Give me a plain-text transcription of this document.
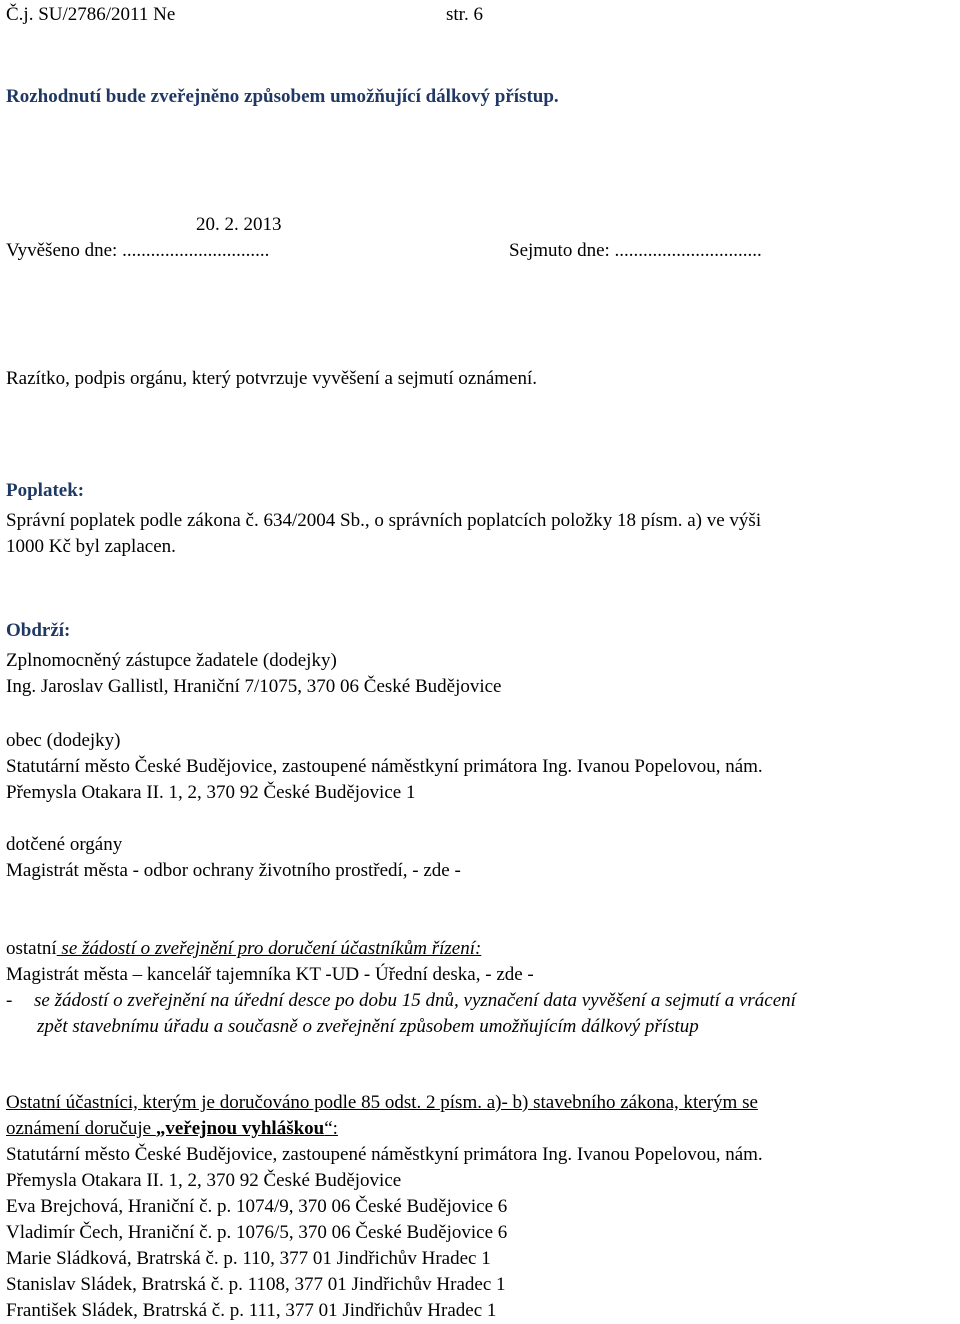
Č.j. SU/2786/2011 Ne	str. 6
Rozhodnutí bude zveřejněno způsobem umožňující dálkový přístup.
20. 2. 2013
Vyvěšeno dne: ...............................	Sejmuto dne: ...............................
Razítko, podpis orgánu, který potvrzuje vyvěšení a sejmutí oznámení.
Poplatek:
Správní poplatek podle zákona č. 634/2004 Sb., o správních poplatcích položky 18 písm. a) ve výši
1000 Kč byl zaplacen.
Obdrží:
Zplnomocněný zástupce žadatele (dodejky)
Ing. Jaroslav Gallistl, Hraniční 7/1075, 370 06 České Budějovice
obec (dodejky)
Statutární město České Budějovice, zastoupené náměstkyní primátora Ing. Ivanou Popelovou, nám.
Přemysla Otakara II. 1, 2, 370 92 České Budějovice 1
dotčené orgány
Magistrát města - odbor ochrany životního prostředí, - zde -
ostatní se žádostí o zveřejnění pro doručení účastníkům řízení:
Magistrát města – kancelář tajemníka KT -UD - Úřední deska, - zde -
- se žádostí o zveřejnění na úřední desce po dobu 15 dnů, vyznačení data vyvěšení a sejmutí a vrácení
zpět stavebnímu úřadu a současně o zveřejnění způsobem umožňujícím dálkový přístup
Ostatní účastníci, kterým je doručováno podle 85 odst. 2 písm. a)- b) stavebního zákona, kterým se
oznámení doručuje „veřejnou vyhláškou“:
Statutární město České Budějovice, zastoupené náměstkyní primátora Ing. Ivanou Popelovou, nám.
Přemysla Otakara II. 1, 2, 370 92 České Budějovice
Eva Brejchová, Hraniční č. p. 1074/9, 370 06 České Budějovice 6
Vladimír Čech, Hraniční č. p. 1076/5, 370 06 České Budějovice 6
Marie Sládková, Bratrská č. p. 110, 377 01 Jindřichův Hradec 1
Stanislav Sládek, Bratrská č. p. 1108, 377 01 Jindřichův Hradec 1
František Sládek, Bratrská č. p. 111, 377 01 Jindřichův Hradec 1
